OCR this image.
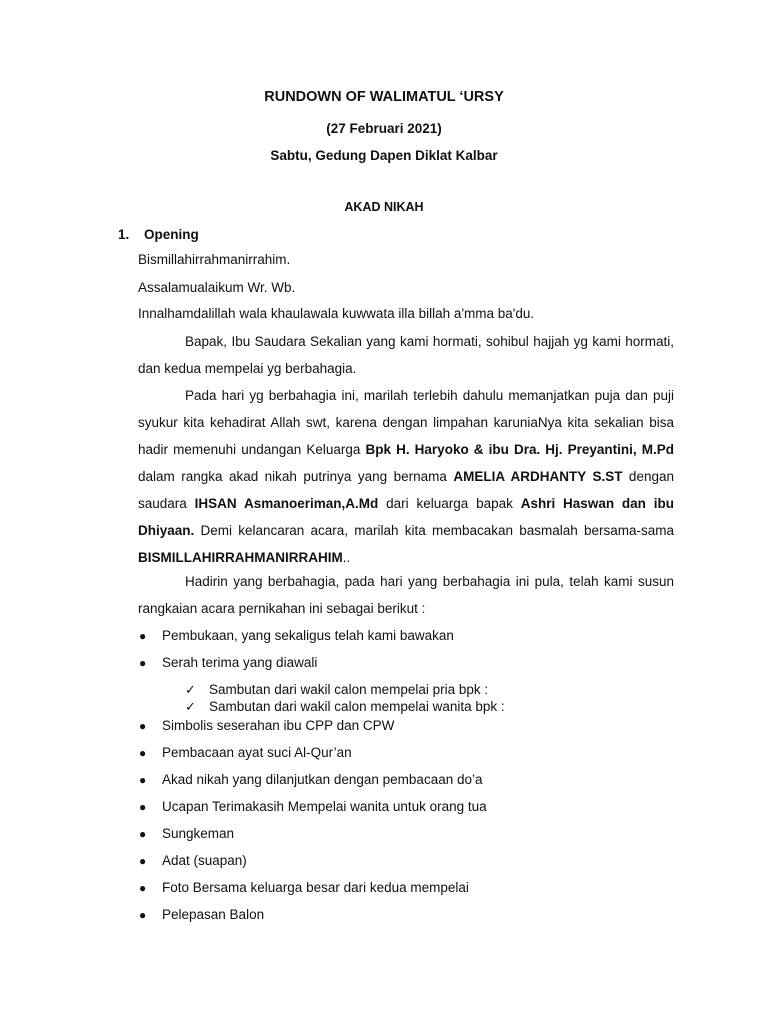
RUNDOWN OF WALIMATUL ‘URSY
(27 Februari 2021)
Sabtu, Gedung Dapen Diklat Kalbar
AKAD NIKAH
1. Opening
Bismillahirrahmanirrahim.
Assalamualaikum Wr. Wb.
Innalhamdalillah wala khaulawala kuwwata illa billah a'mma ba'du.
Bapak, Ibu Saudara Sekalian yang kami hormati, sohibul hajjah yg kami hormati, dan kedua mempelai yg berbahagia.
Pada hari yg berbahagia ini, marilah terlebih dahulu memanjatkan puja dan puji syukur kita kehadirat Allah swt, karena dengan limpahan karuniaNya kita sekalian bisa hadir memenuhi undangan Keluarga Bpk H. Haryoko & ibu Dra. Hj. Preyantini, M.Pd dalam rangka akad nikah putrinya yang bernama AMELIA ARDHANTY S.ST dengan saudara IHSAN Asmanoeriman,A.Md dari keluarga bapak Ashri Haswan dan ibu Dhiyaan. Demi kelancaran acara, marilah kita membacakan basmalah bersama-sama BISMILLAHIRRAHMANIRRAHIM..
Hadirin yang berbahagia, pada hari yang berbahagia ini pula, telah kami susun rangkaian acara pernikahan ini sebagai berikut :
● Pembukaan, yang sekaligus telah kami bawakan
● Serah terima yang diawali
● Simbolis seserahan ibu CPP dan CPW
● Pembacaan ayat suci Al-Qur’an
● Akad nikah yang dilanjutkan dengan pembacaan do’a
● Ucapan Terimakasih Mempelai wanita untuk orang tua
● Sungkeman
● Adat (suapan)
● Foto Bersama keluarga besar dari kedua mempelai
● Pelepasan Balon
✓ Sambutan dari wakil calon mempelai pria bpk :
✓ Sambutan dari wakil calon mempelai wanita bpk :
